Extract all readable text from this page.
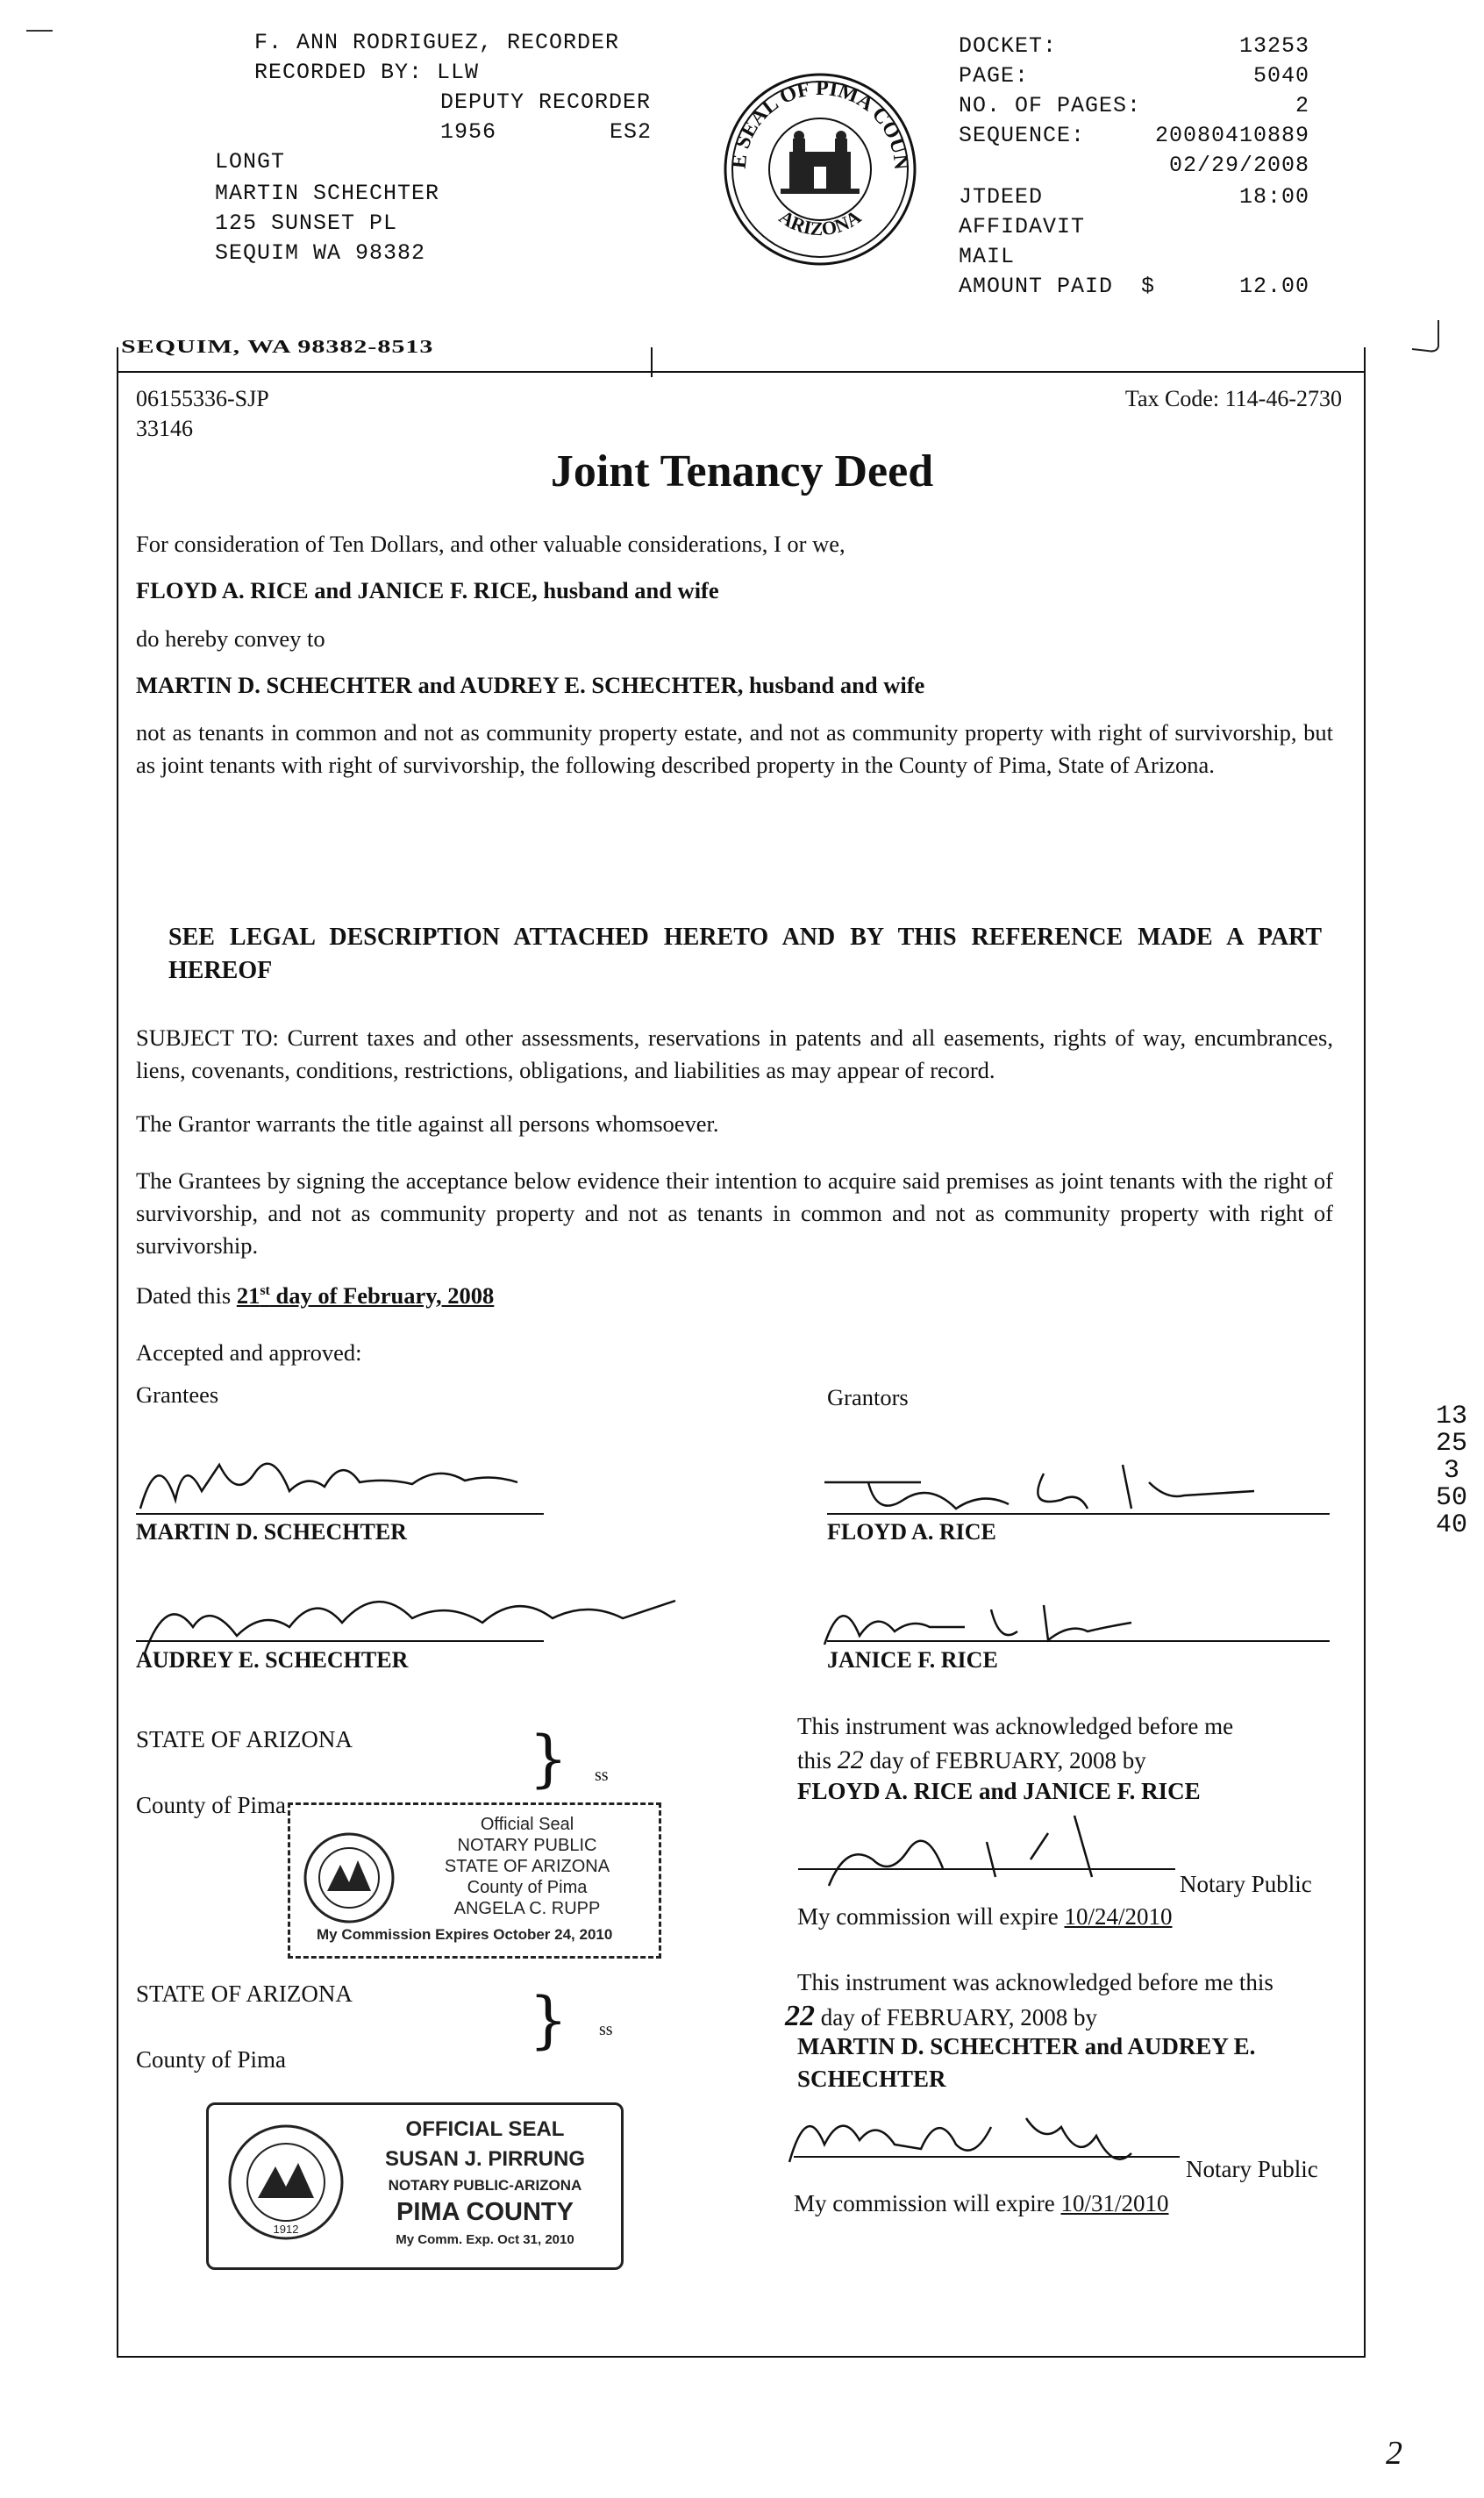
F. ANN RODRIGUEZ, RECORDER
RECORDED BY: LLW
DEPUTY RECORDER
1956	ES2
LONGT
MARTIN SCHECHTER
125 SUNSET PL
SEQUIM WA 98382
E SEAL OF PIMA COUN
ARIZONA
DOCKET:	13253
PAGE:	5040
NO. OF PAGES:	2
SEQUENCE:	20080410889
02/29/2008
JTDEED	18:00
AFFIDAVIT
MAIL
AMOUNT PAID $      12.00
SEQUIM, WA 98382-8513
06155336-SJP
33146
Tax Code: 114-46-2730
Joint Tenancy Deed
For consideration of Ten Dollars, and other valuable considerations, I or we,
FLOYD A. RICE and JANICE F. RICE, husband and wife
do hereby convey to
MARTIN D. SCHECHTER and AUDREY E. SCHECHTER, husband and wife
not as tenants in common and not as community property estate, and not as community property with right of survivorship, but as joint tenants with right of survivorship, the following described property in the County of Pima, State of Arizona.
SEE LEGAL DESCRIPTION ATTACHED HERETO AND BY THIS REFERENCE MADE A PART HEREOF
SUBJECT TO: Current taxes and other assessments, reservations in patents and all easements, rights of way, encumbrances, liens, covenants, conditions, restrictions, obligations, and liabilities as may appear of record.
The Grantor warrants the title against all persons whomsoever.
The Grantees by signing the acceptance below evidence their intention to acquire said premises as joint tenants with the right of survivorship, and not as community property and not as tenants in common and not as community property with right of survivorship.
Dated this 21st day of February, 2008
Accepted and approved:
Grantees	Grantors
MARTIN D. SCHECHTER
AUDREY E. SCHECHTER
FLOYD A. RICE
JANICE F. RICE
STATE OF ARIZONA
County of Pima
} ss
Official Seal
NOTARY PUBLIC
STATE OF ARIZONA
County of Pima
ANGELA C. RUPP
My Commission Expires October 24, 2010
This instrument was acknowledged before me
this 22 day of FEBRUARY, 2008 by
FLOYD A. RICE and JANICE F. RICE
Notary Public
My commission will expire 10/24/2010
STATE OF ARIZONA
County of Pima
} ss
1912
OFFICIAL SEAL
SUSAN J. PIRRUNG
NOTARY PUBLIC-ARIZONA
PIMA COUNTY
My Comm. Exp. Oct 31, 2010
This instrument was acknowledged before me this
22 day of FEBRUARY, 2008 by
MARTIN D. SCHECHTER and AUDREY E.
SCHECHTER
Notary Public
My commission will expire 10/31/2010
13253 5040
2
